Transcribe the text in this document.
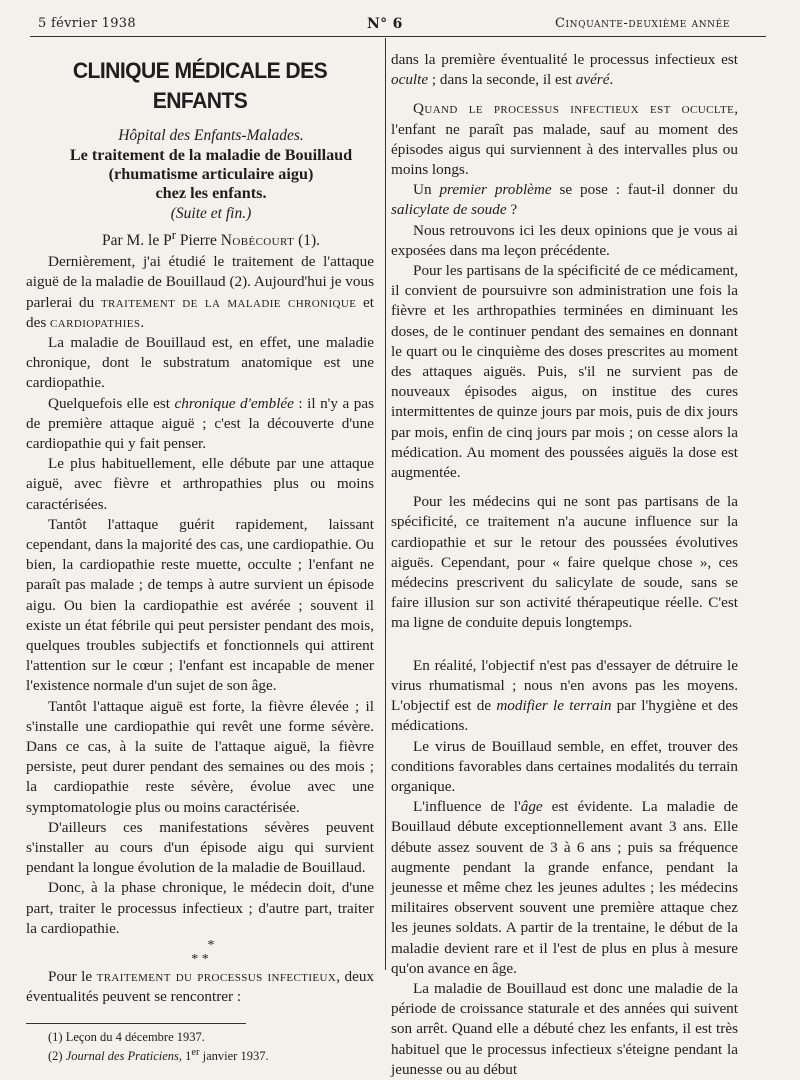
5 février 1938	N° 6	Cinquante-deuxième année
CLINIQUE MÉDICALE DES ENFANTS

Hôpital des Enfants-Malades.

Le traitement de la maladie de Bouillaud

(rhumatisme articulaire aigu)

chez les enfants.

(Suite et fin.)

Par M. le $P^r$ Pierre Nobécourt (1).

Dernièrement, j'ai étudié le traitement de l'attaque aiguë de la maladie de Bouillaud (2). Aujourd'hui je vous parlerai du traitement de la maladie chronique et des cardiopathies.

La maladie de Bouillaud est, en effet, une maladie chronique, dont le substratum anatomique est une cardiopathie.

Quelquefois elle est chronique d'emblée : il n'y a pas de première attaque aiguë ; c'est la découverte d'une cardiopathie qui y fait penser.

Le plus habituellement, elle débute par une attaque aiguë, avec fièvre et arthropathies plus ou moins caractérisées.

Tantôt l'attaque guérit rapidement, laissant cependant, dans la majorité des cas, une cardiopathie. Ou bien, la cardiopathie reste muette, occulte ; l'enfant ne paraît pas malade ; de temps à autre survient un épisode aigu. Ou bien la cardiopathie est avérée ; souvent il existe un état fébrile qui peut persister pendant des mois, quelques troubles subjectifs et fonctionnels qui attirent l'attention sur le cœur ; l'enfant est incapable de mener l'existence normale d'un sujet de son âge.

Tantôt l'attaque aiguë est forte, la fièvre élevée ; il s'installe une cardiopathie qui revêt une forme sévère. Dans ce cas, à la suite de l'attaque aiguë, la fièvre persiste, peut durer pendant des semaines ou des mois ; la cardiopathie reste sévère, évolue avec une symptomatologie plus ou moins caractérisée.

D'ailleurs ces manifestations sévères peuvent s'installer au cours d'un épisode aigu qui survient pendant la longue évolution de la maladie de Bouillaud.

Donc, à la phase chronique, le médecin doit, d'une part, traiter le processus infectieux ; d'autre part, traiter la cardiopathie.

*
* *

Pour le traitement du processus infectieux, deux éventualités peuvent se rencontrer :

(1) Leçon du 4 décembre 1937.

(2) Journal des Praticiens, 1er janvier 1937.

dans la première éventualité le processus infectieux est oculte ; dans la seconde, il est avéré.

Quand le processus infectieux est ocuclte, l'enfant ne paraît pas malade, sauf au moment des épisodes aigus qui surviennent à des intervalles plus ou moins longs.

Un premier problème se pose : faut-il donner du salicylate de soude ?

Nous retrouvons ici les deux opinions que je vous ai exposées dans ma leçon précédente.

Pour les partisans de la spécificité de ce médicament, il convient de poursuivre son administration une fois la fièvre et les arthropathies terminées en diminuant les doses, de le continuer pendant des semaines en donnant le quart ou le cinquième des doses prescrites au moment des attaques aiguës. Puis, s'il ne survient pas de nouveaux épisodes aigus, on institue des cures intermittentes de quinze jours par mois, puis de dix jours par mois, enfin de cinq jours par mois ; on cesse alors la médication. Au moment des poussées aiguës la dose est augmentée.

Pour les médecins qui ne sont pas partisans de la spécificité, ce traitement n'a aucune influence sur la cardiopathie et sur le retour des poussées évolutives aiguës. Cependant, pour « faire quelque chose », ces médecins prescrivent du salicylate de soude, sans se faire illusion sur son activité thérapeutique réelle. C'est ma ligne de conduite depuis longtemps.

En réalité, l'objectif n'est pas d'essayer de détruire le virus rhumatismal ; nous n'en avons pas les moyens. L'objectif est de modifier le terrain par l'hygiène et des médications.

Le virus de Bouillaud semble, en effet, trouver des conditions favorables dans certaines modalités du terrain organique.

L'influence de l'âge est évidente. La maladie de Bouillaud débute exceptionnellement avant 3 ans. Elle débute assez souvent de 3 à 6 ans ; puis sa fréquence augmente pendant la grande enfance, pendant la jeunesse et même chez les jeunes adultes ; les médecins militaires observent souvent une première attaque chez les jeunes soldats. A partir de la trentaine, le début de la maladie devient rare et il l'est de plus en plus à mesure qu'on avance en âge.

La maladie de Bouillaud est donc une maladie de la période de croissance staturale et des années qui suivent son arrêt. Quand elle a débuté chez les enfants, il est très habituel que le processus infectieux s'éteigne pendant la jeunesse ou au début
